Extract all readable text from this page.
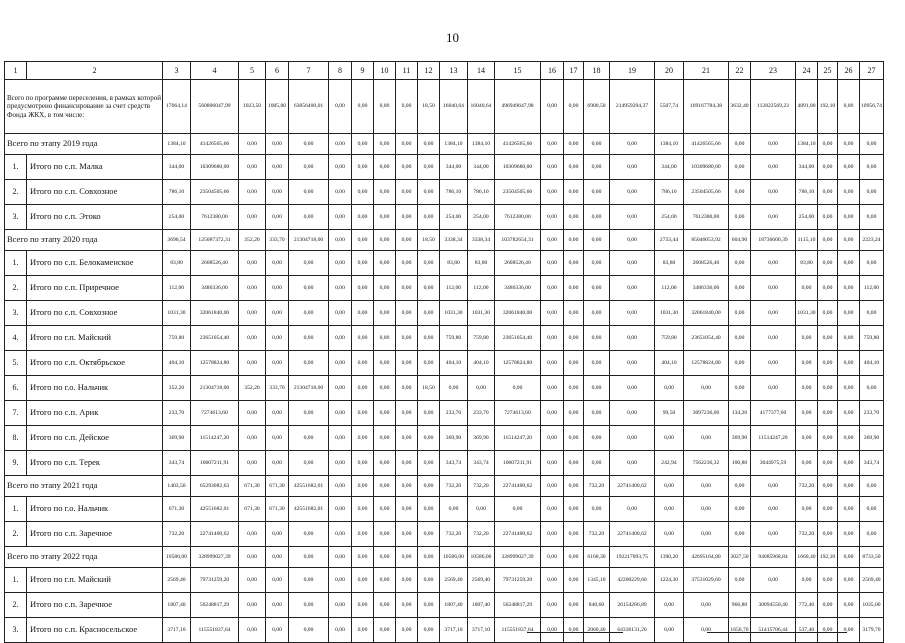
10
1	2	3	4	5	6	7	8	9	10	11	12	13	14	15	16	17	18	19	20	21	22	23	24	25	26	27
Всего по программе переселения, в рамках которой предусмотрено финансирование за счет средств Фонда ЖКХ, в том числе:		17064,14	560806047,99	1023,50	1005,00	63856400,01	0,00	0,00	0,00	0,00	18,50	16040,64	16040,64	496949647,98	0,00	0,00	6900,50	214959294,37	5507,74	169167784,38	3632,40	112822569,23	4891,80	192,10	0,00	10956,74
Всего по этапу 2019 года		1384,10	41426565,66	0,00	0,00	0,00	0,00	0,00	0,00	0,00	0,00	1384,10	1384,10	41426565,66	0,00	0,00	0,00	0,00	1384,10	41426565,66	0,00	0,00	1384,10	0,00	0,00	0,00
1.	Итого по с.п. Малка	344,00	10309680,00	0,00	0,00	0,00	0,00	0,00	0,00	0,00	0,00	344,00	344,00	10309680,00	0,00	0,00	0,00	0,00	344,00	10309680,00	0,00	0,00	344,00	0,00	0,00	0,00
2.	Итого по с.п. Совхозное	786,10	23504505,66	0,00	0,00	0,00	0,00	0,00	0,00	0,00	0,00	786,10	786,10	23504505,66	0,00	0,00	0,00	0,00	786,10	23504505,66	0,00	0,00	786,10	0,00	0,00	0,00
3.	Итого по с.п. Этоко	254,00	7612380,00	0,00	0,00	0,00	0,00	0,00	0,00	0,00	0,00	254,00	254,00	7612380,00	0,00	0,00	0,00	0,00	254,00	7612380,00	0,00	0,00	254,00	0,00	0,00	0,00
Всего по этапу 2020 года		3690,54	125087372,31	352,20	333,70	21304718,00	0,00	0,00	0,00	0,00	18,50	3338,34	3338,34	103782654,31	0,00	0,00	0,00	0,00	2733,44	85046053,92	604,90	18736600,39	1115,10	0,00	0,00	2223,24
1.	Итого по с.п. Белокаменское	83,80	2608526,40	0,00	0,00	0,00	0,00	0,00	0,00	0,00	0,00	83,80	83,80	2608526,40	0,00	0,00	0,00	0,00	83,80	2608526,40	0,00	0,00	83,80	0,00	0,00	0,00
2.	Итого по с.п. Приречное	112,00	3486336,00	0,00	0,00	0,00	0,00	0,00	0,00	0,00	0,00	112,00	112,00	3486336,00	0,00	0,00	0,00	0,00	112,00	3486336,00	0,00	0,00	0,00	0,00	0,00	112,00
3.	Итого по с.п. Совхозное	1031,30	32061840,00	0,00	0,00	0,00	0,00	0,00	0,00	0,00	0,00	1031,30	1031,30	32061840,00	0,00	0,00	0,00	0,00	1031,30	32061840,00	0,00	0,00	1031,30	0,00	0,00	0,00
4.	Итого по г.п. Майский	759,80	23651054,40	0,00	0,00	0,00	0,00	0,00	0,00	0,00	0,00	759,80	759,80	23651054,40	0,00	0,00	0,00	0,00	759,80	23651054,40	0,00	0,00	0,00	0,00	0,00	759,80
5.	Итого по с.п. Октябрьское	404,10	12578824,80	0,00	0,00	0,00	0,00	0,00	0,00	0,00	0,00	404,10	404,10	12578824,80	0,00	0,00	0,00	0,00	404,10	12578824,80	0,00	0,00	0,00	0,00	0,00	404,10
6.	Итого по г.о. Нальчик	352,20	21304718,00	352,20	333,70	21304718,00	0,00	0,00	0,00	0,00	18,50	0,00	0,00	0,00	0,00	0,00	0,00	0,00	0,00	0,00	0,00	0,00	0,00	0,00	0,00	0,00
7.	Итого по с.п. Арик	233,70	7274613,60	0,00	0,00	0,00	0,00	0,00	0,00	0,00	0,00	233,70	233,70	7274613,60	0,00	0,00	0,00	0,00	99,50	3097236,00	134,20	4177377,60	0,00	0,00	0,00	233,70
8.	Итого по с.п. Дейское	369,90	11514247,20	0,00	0,00	0,00	0,00	0,00	0,00	0,00	0,00	369,90	369,90	11514247,20	0,00	0,00	0,00	0,00	0,00	0,00	369,90	11514247,20	0,00	0,00	0,00	369,90
9.	Итого по с.п. Терек	343,74	10607211,91	0,00	0,00	0,00	0,00	0,00	0,00	0,00	0,00	343,74	343,74	10607211,91	0,00	0,00	0,00	0,00	242,94	7562236,32	100,80	3044975,59	0,00	0,00	0,00	343,74
Всего по этапу 2021 года		1403,50	65293082,63	671,30	671,30	42551682,01	0,00	0,00	0,00	0,00	0,00	732,20	732,20	22741400,62	0,00	0,00	732,20	22741400,62	0,00	0,00	0,00	0,00	732,20	0,00	0,00	0,00
1.	Итого по г.о. Нальчик	671,30	42551682,01	671,30	671,30	42551682,01	0,00	0,00	0,00	0,00	0,00	0,00	0,00	0,00	0,00	0,00	0,00	0,00	0,00	0,00	0,00	0,00	0,00	0,00	0,00	0,00
2.	Итого по с.п. Заречное	732,20	22741400,62	0,00	0,00	0,00	0,00	0,00	0,00	0,00	0,00	732,20	732,20	22741400,62	0,00	0,00	732,20	22741400,62	0,00	0,00	0,00	0,00	732,20	0,00	0,00	0,00
Всего по этапу 2022 года		10586,00	328999027,39	0,00	0,00	0,00	0,00	0,00	0,00	0,00	0,00	10586,00	10586,00	328999027,39	0,00	0,00	6168,30	192217893,75	1390,20	42695164,80	3027,50	94085968,84	1660,40	192,10	0,00	8733,50
1.	Итого по г.п. Майский	2569,40	79731259,20	0,00	0,00	0,00	0,00	0,00	0,00	0,00	0,00	2569,40	2569,40	79731259,20	0,00	0,00	1345,10	42200229,60	1224,30	37531029,60	0,00	0,00	0,00	0,00	0,00	2569,40
2.	Итого по с.п. Заречное	1807,40	56248817,29	0,00	0,00	0,00	0,00	0,00	0,00	0,00	0,00	1807,40	1807,40	56248817,29	0,00	0,00	840,60	26154266,89	0,00	0,00	966,80	30094550,40	772,40	0,00	0,00	1035,00
3.	Итого по с.п. Красносельское	3717,10	115551837,64	0,00	0,00	0,00	0,00	0,00	0,00	0,00	0,00	3717,10	3717,10	115551837,64	0,00	0,00	2060,40	64336131,20	0,00	0,00	1656,70	51415706,44	537,40	0,00	0,00	3179,70
